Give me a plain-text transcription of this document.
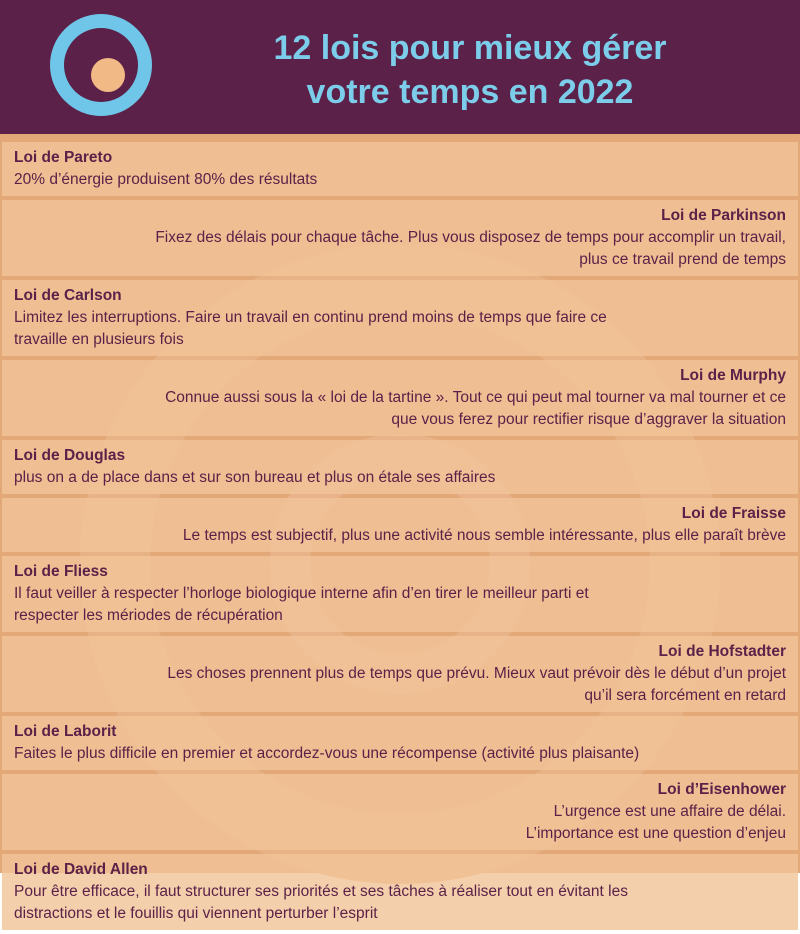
12 lois pour mieux gérer
votre temps en 2022
Loi de Pareto
20% d’énergie produisent 80% des résultats
Loi de Parkinson
Fixez des délais pour chaque tâche. Plus vous disposez de temps pour accomplir un travail,
plus ce travail prend de temps
Loi de Carlson
Limitez les interruptions. Faire un travail en continu prend moins de temps que faire ce
travaille en plusieurs fois
Loi de Murphy
Connue aussi sous la « loi de la tartine ». Tout ce qui peut mal tourner va mal tourner et ce
que vous ferez pour rectifier risque d’aggraver la situation
Loi de Douglas
plus on a de place dans et sur son bureau et plus on étale ses affaires
Loi de Fraisse
Le temps est subjectif, plus une activité nous semble intéressante, plus elle paraît brève
Loi de Fliess
Il faut veiller à respecter l’horloge biologique interne afin d’en tirer le meilleur parti et
respecter les mériodes de récupération
Loi de Hofstadter
Les choses prennent plus de temps que prévu. Mieux vaut prévoir dès le début d’un projet
qu’il sera forcément en retard
Loi de Laborit
Faites le plus difficile en premier et accordez-vous une récompense (activité plus plaisante)
Loi d’Eisenhower
L’urgence est une affaire de délai.
L’importance est une question d’enjeu
Loi de David Allen
Pour être efficace, il faut structurer ses priorités et ses tâches à réaliser tout en évitant les
distractions et le fouillis qui viennent perturber l’esprit
